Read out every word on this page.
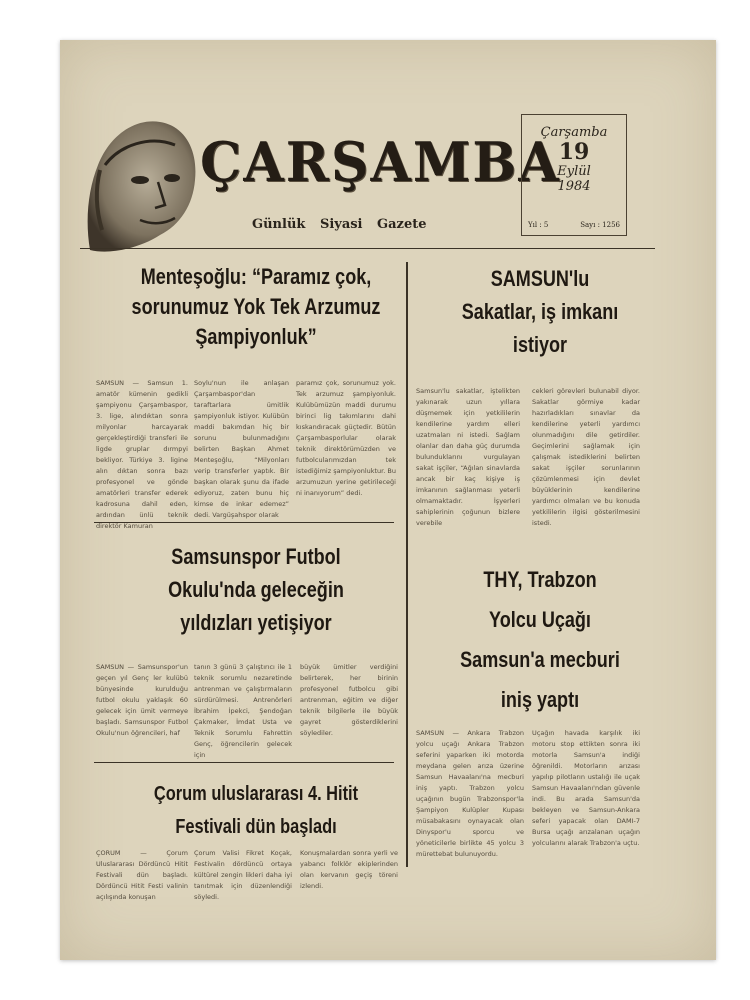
ÇARŞAMBA
Günlük Siyasi Gazete
Çarşamba
19
Eylül
1984
Yıl : 5	Sayı : 1256
Menteşoğlu: “Paramız çok,
sorunumuz Yok Tek Arzumuz
Şampiyonluk”
SAMSUN — Samsun 1. amatör kümenin gedikli şampiyonu Çarşambaspor, 3. lige, alındıktan sonra milyonlar harcayarak gerçekleştirdiği transferi ile ligde gruplar dırmpyi bekliyor. Türkiye 3. ligine alın dıktan sonra bazı profesyonel ve gönde amatörleri transfer ederek kadrosuna dahil eden, ardından ünlü teknik direktör Kamuran
Soylu'nun ile anlaşan Çarşambaspor'dan taraftarlara ümitlik şampiyonluk istiyor. Kulübün maddi bakımdan hiç bir sorunu bulunmadığını belirten Başkan Ahmet Menteşoğlu, “Milyonları verip transferler yaptık. Bir başkan olarak şunu da ifade ediyoruz, zaten bunu hiç kimse de inkar edemez” dedi. Vargüşahspor olarak
paramız çok, sorunumuz yok. Tek arzumuz şampiyonluk. Kulübümüzün maddi durumu birinci lig takımlarını dahi kıskandıracak güçtedir. Bütün Çarşambasporlular olarak teknik direktörümüzden ve futbolcularımızdan tek istediğimiz şampiyonluktur. Bu arzumuzun yerine getirileceği ni inanıyorum” dedi.
SAMSUN'lu
Sakatlar, iş imkanı
istiyor
Samsun'lu sakatlar, iştelikten yakınarak uzun yıllara düşmemek için yetkililerin kendilerine yardım elleri uzatmaları ni istedi. Sağlam olanlar dan daha güç durumda bulunduklarını vurgulayan sakat işçiler, “Ağılan sinavlarda ancak bir kaç kişiye iş imkanının sağlanması yeterli olmamaktadır. İşyerleri sahiplerinin çoğunun bizlere verebile
cekleri görevleri bulunabil diyor. Sakatlar görmiye kadar hazırladıkları sınavlar da kendilerine yeterli yardımcı olunmadığını dile getirdiler. Geçimlerini sağlamak için çalışmak istediklerini belirten sakat işçiler sorunlarının çözümlenmesi için devlet büyüklerinin kendilerine yardımcı olmaları ve bu konuda yetkililerin ilgisi gösterilmesini istedi.
Samsunspor Futbol
Okulu'nda geleceğin
yıldızları yetişiyor
SAMSUN — Samsunspor'un geçen yıl Genç ler kulübü bünyesinde kurulduğu futbol okulu yaklaşık 60 gelecek için ümit vermeye başladı. Samsunspor Futbol Okulu'nun öğrencileri, haf
tanın 3 günü 3 çalıştırıcı ile 1 teknik sorumlu nezaretinde antrenman ve çalıştırmaların sürdürülmesi. Antrenörleri İbrahim İpekci, Şendoğan Çakmaker, İmdat Usta ve Teknik Sorumlu Fahrettin Genç, öğrencilerin gelecek için
büyük ümitler verdiğini belirterek, her birinin profesyonel futbolcu gibi antrenman, eğitim ve diğer teknik bilgilerle ile büyük gayret gösterdiklerini söylediler.
THY, Trabzon
Yolcu Uçağı
Samsun'a mecburi
iniş yaptı
SAMSUN — Ankara Trabzon yolcu uçağı Ankara Trabzon seferini yaparken iki motorda meydana gelen arıza üzerine Samsun Havaalanı'na mecburi iniş yaptı. Trabzon yolcu uçağının bugün Trabzonspor'la Şampiyon Kulüpler Kupası müsabakasını oynayacak olan Dinyspor'u sporcu ve yöneticilerle birlikte 45 yolcu 3 mürettebat bulunuyordu.
Uçağın havada karşılık iki motoru stop ettikten sonra iki motorla Samsun'a indiği öğrenildi. Motorların arızası yapılıp pilotların ustalığı ile uçak Samsun Havaalanı'ndan güvenle indi. Bu arada Samsun'da bekleyen ve Samsun-Ankara seferi yapacak olan DAMI-7 Bursa uçağı arızalanan uçağın yolcularını alarak Trabzon'a uçtu.
Çorum uluslararası 4. Hitit
Festivali dün başladı
ÇORUM — Çorum Uluslararası Dördüncü Hitit Festivali dün başladı. Dördüncü Hitit Festi valinin açılışında konuşan
Çorum Valisi Fikret Koçak, Festivalin dördüncü ortaya kültürel zengin likleri daha iyi tanıtmak için düzenlendiği söyledi.
Konuşmalardan sonra yerli ve yabancı folklör ekiplerinden olan kervanın geçiş töreni izlendi.
